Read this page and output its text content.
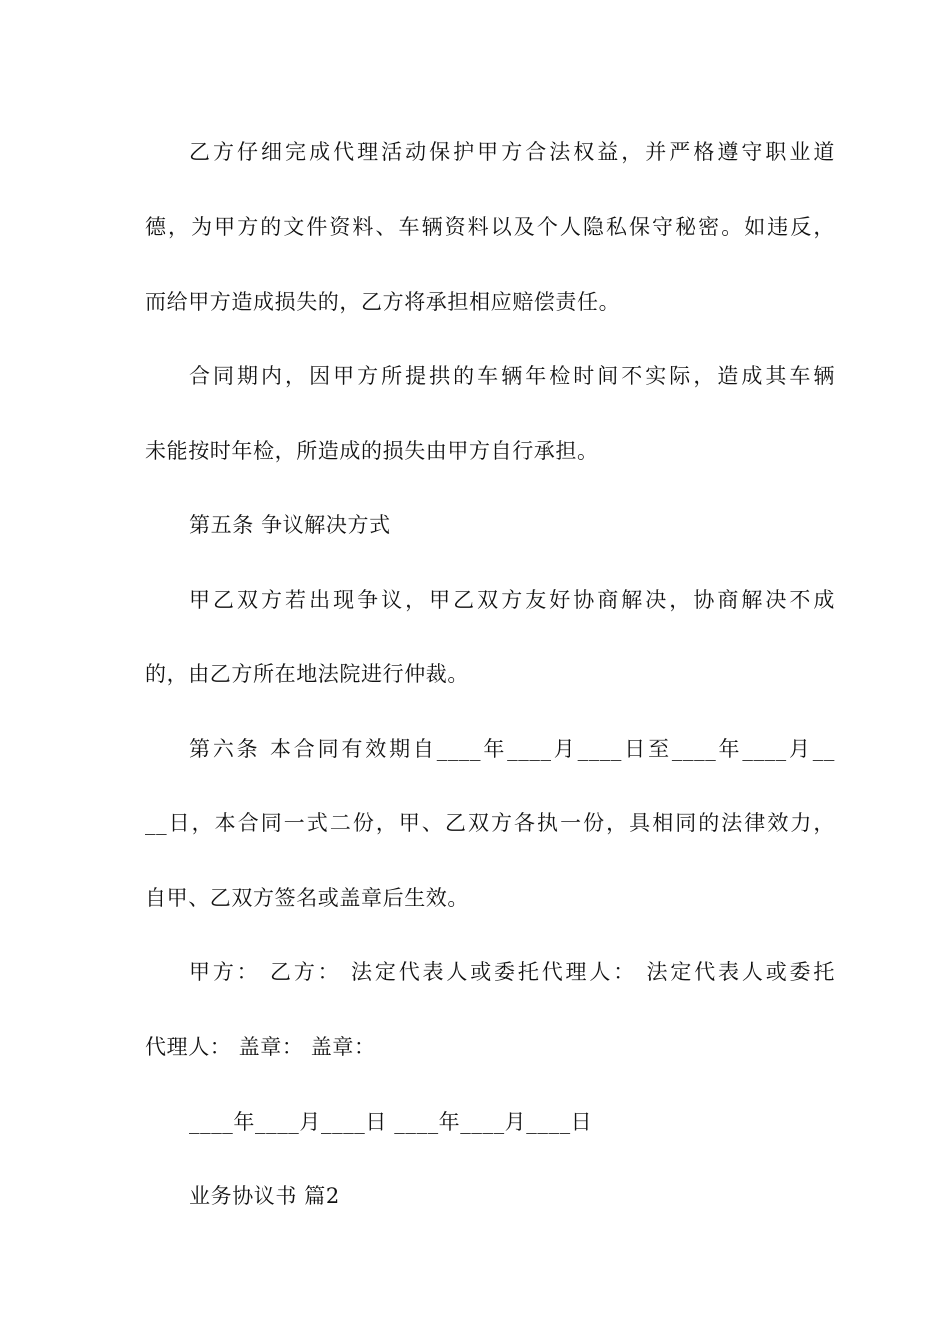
乙方仔细完成代理活动保护甲方合法权益，并严格遵守职业道
德，为甲方的文件资料、车辆资料以及个人隐私保守秘密。如违反，
而给甲方造成损失的，乙方将承担相应赔偿责任。
合同期内，因甲方所提拱的车辆年检时间不实际，造成其车辆
未能按时年检，所造成的损失由甲方自行承担。
第五条 争议解决方式
甲乙双方若出现争议，甲乙双方友好协商解决，协商解决不成
的，由乙方所在地法院进行仲裁。
第六条 本合同有效期自____年____月____日至____年____月__
__日，本合同一式二份，甲、乙双方各执一份，具相同的法律效力，
自甲、乙双方签名或盖章后生效。
甲方： 乙方： 法定代表人或委托代理人： 法定代表人或委托
代理人： 盖章： 盖章：
____年____月____日 ____年____月____日
业务协议书 篇2
